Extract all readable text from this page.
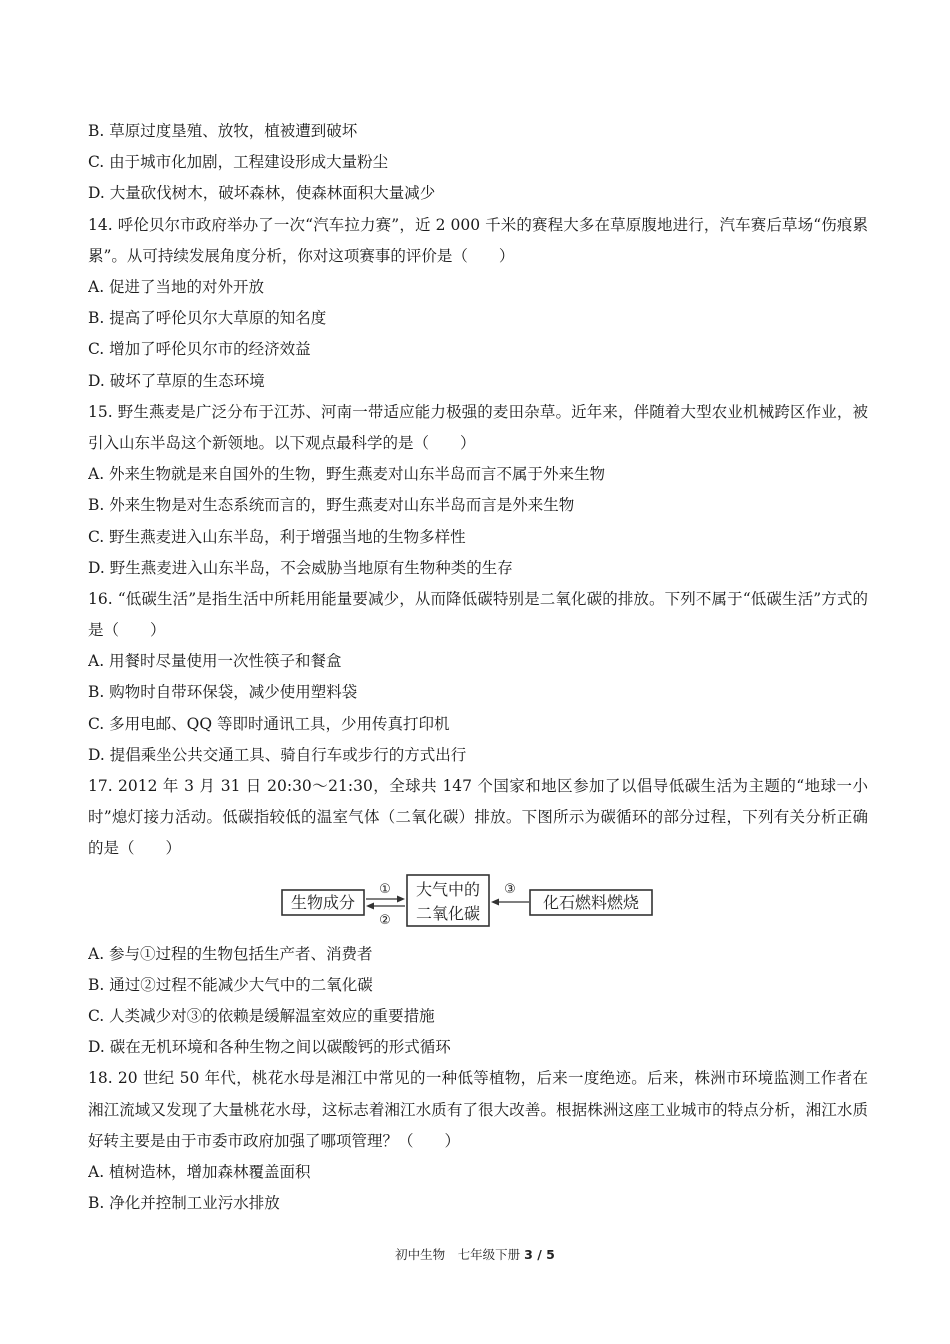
B. 草原过度垦殖、放牧，植被遭到破坏
C. 由于城市化加剧，工程建设形成大量粉尘
D. 大量砍伐树木，破坏森林，使森林面积大量减少
14. 呼伦贝尔市政府举办了一次“汽车拉力赛”，近 2 000 千米的赛程大多在草原腹地进行，汽车赛后草场“伤痕累累”。从可持续发展角度分析，你对这项赛事的评价是（　　）
A. 促进了当地的对外开放
B. 提高了呼伦贝尔大草原的知名度
C. 增加了呼伦贝尔市的经济效益
D. 破坏了草原的生态环境
15. 野生燕麦是广泛分布于江苏、河南一带适应能力极强的麦田杂草。近年来，伴随着大型农业机械跨区作业，被引入山东半岛这个新领地。以下观点最科学的是（　　）
A. 外来生物就是来自国外的生物，野生燕麦对山东半岛而言不属于外来生物
B. 外来生物是对生态系统而言的，野生燕麦对山东半岛而言是外来生物
C. 野生燕麦进入山东半岛，利于增强当地的生物多样性
D. 野生燕麦进入山东半岛，不会威胁当地原有生物种类的生存
16. “低碳生活”是指生活中所耗用能量要减少，从而降低碳特别是二氧化碳的排放。下列不属于“低碳生活”方式的是（　　）
A. 用餐时尽量使用一次性筷子和餐盒
B. 购物时自带环保袋，减少使用塑料袋
C. 多用电邮、QQ 等即时通讯工具，少用传真打印机
D. 提倡乘坐公共交通工具、骑自行车或步行的方式出行
17. 2012 年 3 月 31 日 20:30～21:30，全球共 147 个国家和地区参加了以倡导低碳生活为主题的“地球一小时”熄灯接力活动。低碳指较低的温室气体（二氧化碳）排放。下图所示为碳循环的部分过程，下列有关分析正确的是（　　）
生物成分
大气中的
二氧化碳
化石燃料燃烧
①
②
③
A. 参与①过程的生物包括生产者、消费者
B. 通过②过程不能减少大气中的二氧化碳
C. 人类减少对③的依赖是缓解温室效应的重要措施
D. 碳在无机环境和各种生物之间以碳酸钙的形式循环
18. 20 世纪 50 年代，桃花水母是湘江中常见的一种低等植物，后来一度绝迹。后来，株洲市环境监测工作者在湘江流域又发现了大量桃花水母，这标志着湘江水质有了很大改善。根据株洲这座工业城市的特点分析，湘江水质好转主要是由于市委市政府加强了哪项管理？（　　）
A. 植树造林，增加森林覆盖面积
B. 净化并控制工业污水排放
初中生物　七年级下册 3 / 5
